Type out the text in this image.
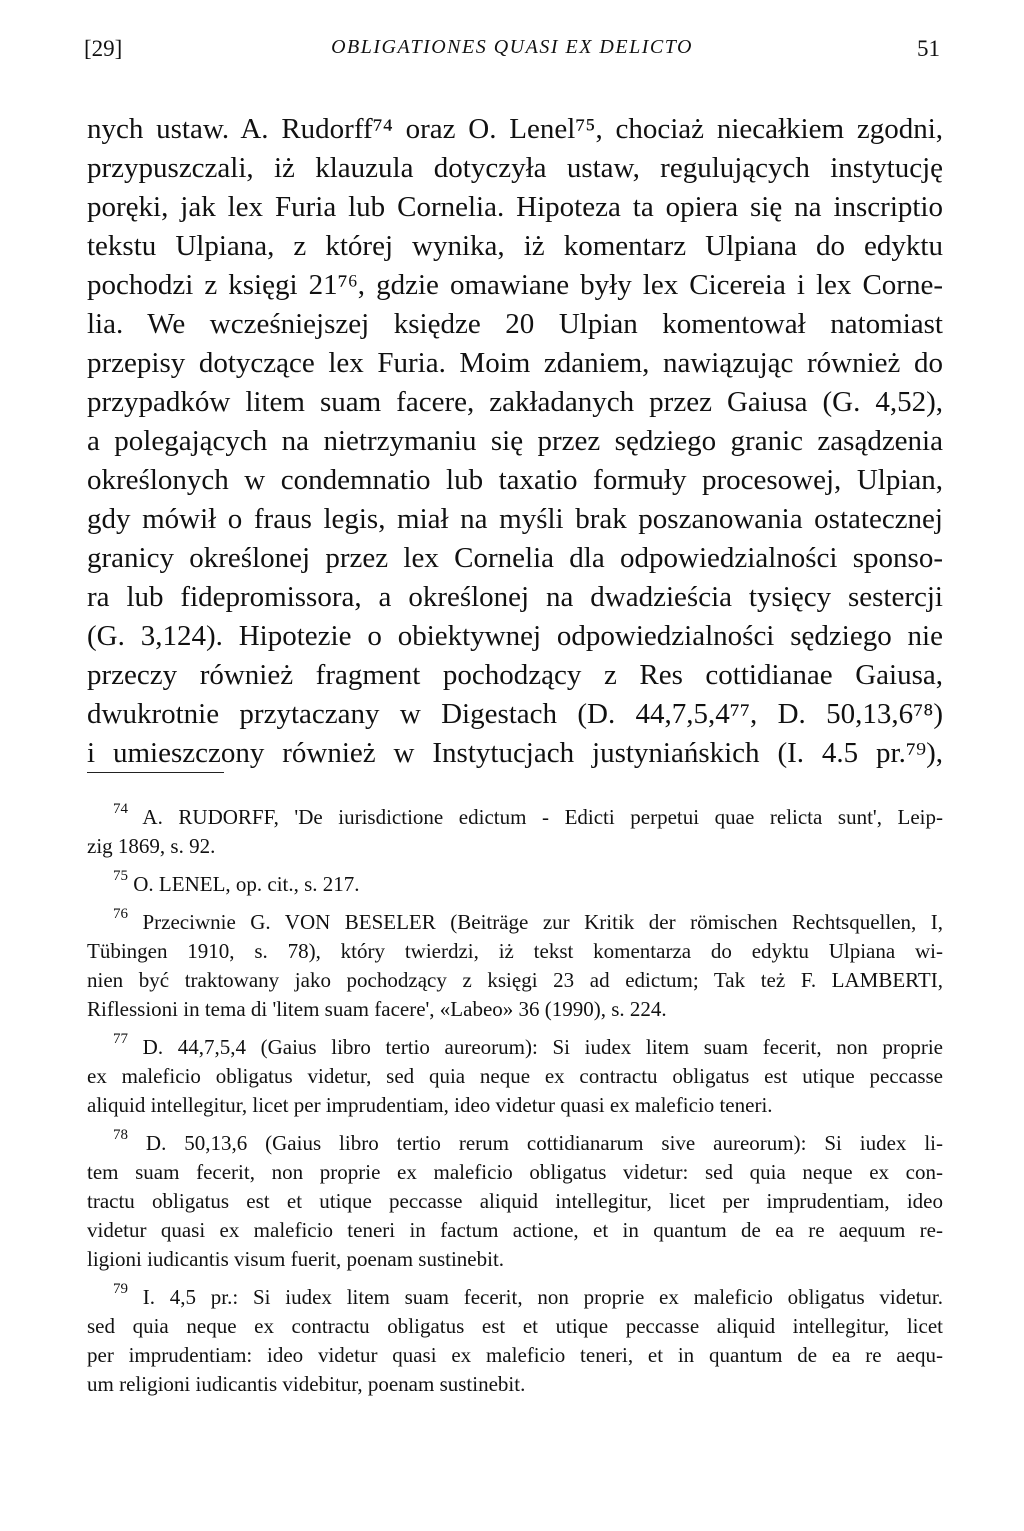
[29]	OBLIGATIONES QUASI EX DELICTO	51
nych ustaw. A. Rudorff⁷⁴ oraz O. Lenel⁷⁵, chociaż niecałkiem zgodni,
przypuszczali, iż klauzula dotyczyła ustaw, regulujących instytucję
poręki, jak lex Furia lub Cornelia. Hipoteza ta opiera się na inscriptio
tekstu Ulpiana, z której wynika, iż komentarz Ulpiana do edyktu
pochodzi z księgi 21⁷⁶, gdzie omawiane były lex Cicereia i lex Corne-
lia. We wcześniejszej księdze 20 Ulpian komentował natomiast
przepisy dotyczące lex Furia. Moim zdaniem, nawiązując również do
przypadków litem suam facere, zakładanych przez Gaiusa (G. 4,52),
a polegających na nietrzymaniu się przez sędziego granic zasądzenia
określonych w condemnatio lub taxatio formuły procesowej, Ulpian,
gdy mówił o fraus legis, miał na myśli brak poszanowania ostatecznej
granicy określonej przez lex Cornelia dla odpowiedzialności sponso-
ra lub fidepromissora, a określonej na dwadzieścia tysięcy sestercji
(G. 3,124). Hipotezie o obiektywnej odpowiedzialności sędziego nie
przeczy również fragment pochodzący z Res cottidianae Gaiusa,
dwukrotnie przytaczany w Digestach (D. 44,7,5,4⁷⁷, D. 50,13,6⁷⁸)
i umieszczony również w Instytucjach justyniańskich (I. 4.5 pr.⁷⁹),
$^{74}$ A. RUDORFF, 'De iurisdictione edictum - Edicti perpetui quae relicta sunt', Leip-
zig 1869, s. 92.
$^{75}$ O. LENEL, op. cit., s. 217.
$^{76}$ Przeciwnie G. VON BESELER (Beiträge zur Kritik der römischen Rechtsquellen, I,
Tübingen 1910, s. 78), który twierdzi, iż tekst komentarza do edyktu Ulpiana wi-
nien być traktowany jako pochodzący z księgi 23 ad edictum; Tak też F. LAMBERTI,
Riflessioni in tema di 'litem suam facere', «Labeo» 36 (1990), s. 224.
$^{77}$ D. 44,7,5,4 (Gaius libro tertio aureorum): Si iudex litem suam fecerit, non proprie
ex maleficio obligatus videtur, sed quia neque ex contractu obligatus est utique peccasse
aliquid intellegitur, licet per imprudentiam, ideo videtur quasi ex maleficio teneri.
$^{78}$ D. 50,13,6 (Gaius libro tertio rerum cottidianarum sive aureorum): Si iudex li-
tem suam fecerit, non proprie ex maleficio obligatus videtur: sed quia neque ex con-
tractu obligatus est et utique peccasse aliquid intellegitur, licet per imprudentiam, ideo
videtur quasi ex maleficio teneri in factum actione, et in quantum de ea re aequum re-
ligioni iudicantis visum fuerit, poenam sustinebit.
$^{79}$ I. 4,5 pr.: Si iudex litem suam fecerit, non proprie ex maleficio obligatus videtur.
sed quia neque ex contractu obligatus est et utique peccasse aliquid intellegitur, licet
per imprudentiam: ideo videtur quasi ex maleficio teneri, et in quantum de ea re aequ-
um religioni iudicantis videbitur, poenam sustinebit.
